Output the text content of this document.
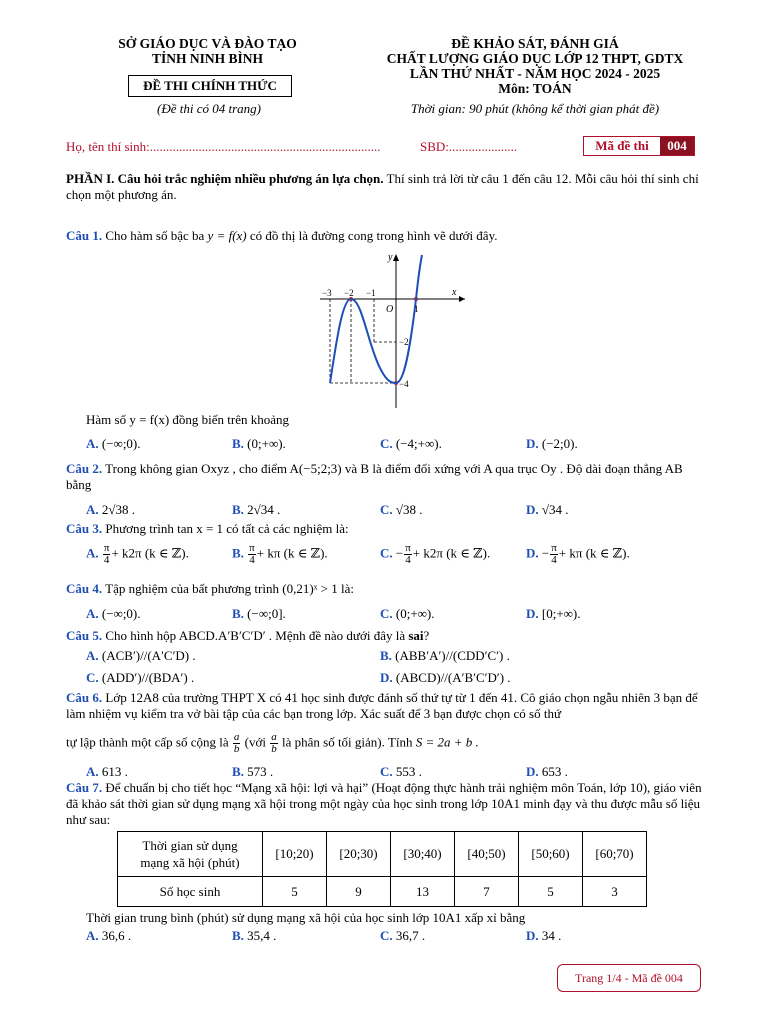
SỞ GIÁO DỤC VÀ ĐÀO TẠO
TỈNH NINH BÌNH
ĐỀ THI CHÍNH THỨC
(Đề thi có 04 trang)
ĐỀ KHẢO SÁT, ĐÁNH GIÁ
CHẤT LƯỢNG GIÁO DỤC LỚP 12 THPT, GDTX
LẦN THỨ NHẤT - NĂM HỌC 2024 - 2025
Môn: TOÁN
Thời gian: 90 phút (không kể thời gian phát đề)
Họ, tên thí sinh:.......................................................................	SBD:.....................	Mã đề thi	004
PHẦN I. Câu hỏi trắc nghiệm nhiều phương án lựa chọn. Thí sinh trả lời từ câu 1 đến câu 12. Mỗi câu hỏi thí sinh chỉ chọn một phương án.
Câu 1. Cho hàm số bậc ba y = f(x) có đồ thị là đường cong trong hình vẽ dưới đây.
y
x
O
−3 −2 −1
1
−2
−4
Hàm số y = f(x) đồng biến trên khoảng
A. (−∞;0).	B. (0;+∞).	C. (−4;+∞).	D. (−2;0).
Câu 2. Trong không gian Oxyz , cho điểm A(−5;2;3) và B là điểm đối xứng với A qua trục Oy . Độ dài đoạn thẳng AB bằng
A. 2√38 .	B. 2√34 .	C. √38 .	D. √34 .
Câu 3. Phương trình tan x = 1 có tất cả các nghiệm là:
A. $\frac{\pi}{4} + k2\pi$ (k ∈ ℤ).	B. $\frac{\pi}{4} + k\pi$ (k ∈ ℤ).	C. − $\frac{\pi}{4} + k2\pi$ (k ∈ ℤ).	D. − $\frac{\pi}{4} + k\pi$ (k ∈ ℤ).
Câu 4. Tập nghiệm của bất phương trình (0,21)ˣ > 1 là:
A. (−∞;0).	B. (−∞;0].	C. (0;+∞).	D. [0;+∞).
Câu 5. Cho hình hộp ABCD.A′B′C′D′ . Mệnh đề nào dưới đây là sai?
A. (ACB′)//(A′C′D) .	B. (ABB′A′)//(CDD′C′) .
C. (ADD′)//(BDA′) .	D. (ABCD)//(A′B′C′D′) .
Câu 6. Lớp 12A8 của trường THPT X có 41 học sinh được đánh số thứ tự từ 1 đến 41. Cô giáo chọn ngẫu nhiên 3 bạn để làm nhiệm vụ kiểm tra vở bài tập của các bạn trong lớp. Xác suất để 3 bạn được chọn có số thứ
tự lập thành một cấp số cộng là $\frac{a}{b}$ (với $\frac{a}{b}$ là phân số tối giản). Tính S = 2a + b .
A. 613 .	B. 573 .	C. 553 .	D. 653 .
Câu 7. Để chuẩn bị cho tiết học “Mạng xã hội: lợi và hại” (Hoạt động thực hành trải nghiệm môn Toán, lớp 10), giáo viên đã khảo sát thời gian sử dụng mạng xã hội trong một ngày của học sinh trong lớp 10A1 minh đạy và thu được mẫu số liệu như sau:
Thời gian sử dụng
mạng xã hội (phút)	[10;20)	[20;30)	[30;40)	[40;50)	[50;60)	[60;70)
Số học sinh	5	9	13	7	5	3
Thời gian trung bình (phút) sử dụng mạng xã hội của học sinh lớp 10A1 xấp xỉ bằng
A. 36,6 .	B. 35,4 .	C. 36,7 .	D. 34 .
Trang 1/4 - Mã đề 004
